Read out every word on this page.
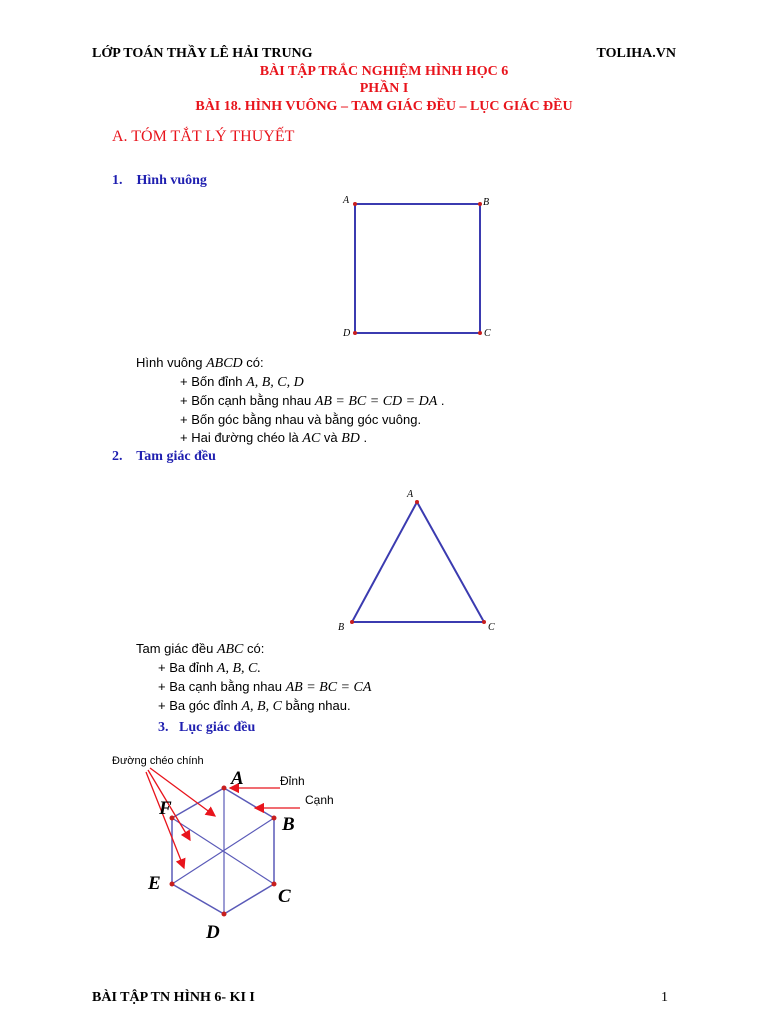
LỚP TOÁN THẦY LÊ HẢI TRUNG	TOLIHA.VN
BÀI TẬP TRẮC NGHIỆM HÌNH HỌC 6
PHẦN I
BÀI 18. HÌNH VUÔNG – TAM GIÁC ĐỀU – LỤC GIÁC ĐỀU
A. TÓM TẮT LÝ THUYẾT
1. Hình vuông
A	B
C
D
Hình vuông ABCD có:
+ Bốn đỉnh A, B, C, D
+ Bốn cạnh bằng nhau AB = BC = CD = DA .
+ Bốn góc bằng nhau và bằng góc vuông.
+ Hai đường chéo là AC và BD .
2. Tam giác đều
A
B	C
Tam giác đều ABC có:
+ Ba đỉnh A, B, C.
+ Ba cạnh bằng nhau AB = BC = CA
+ Ba góc đỉnh A, B, C bằng nhau.
3. Lục giác đều
Đường chéo chính
Đỉnh
Cạnh
A
B
C
D
E
F
BÀI TẬP TN HÌNH 6- KI I	1
